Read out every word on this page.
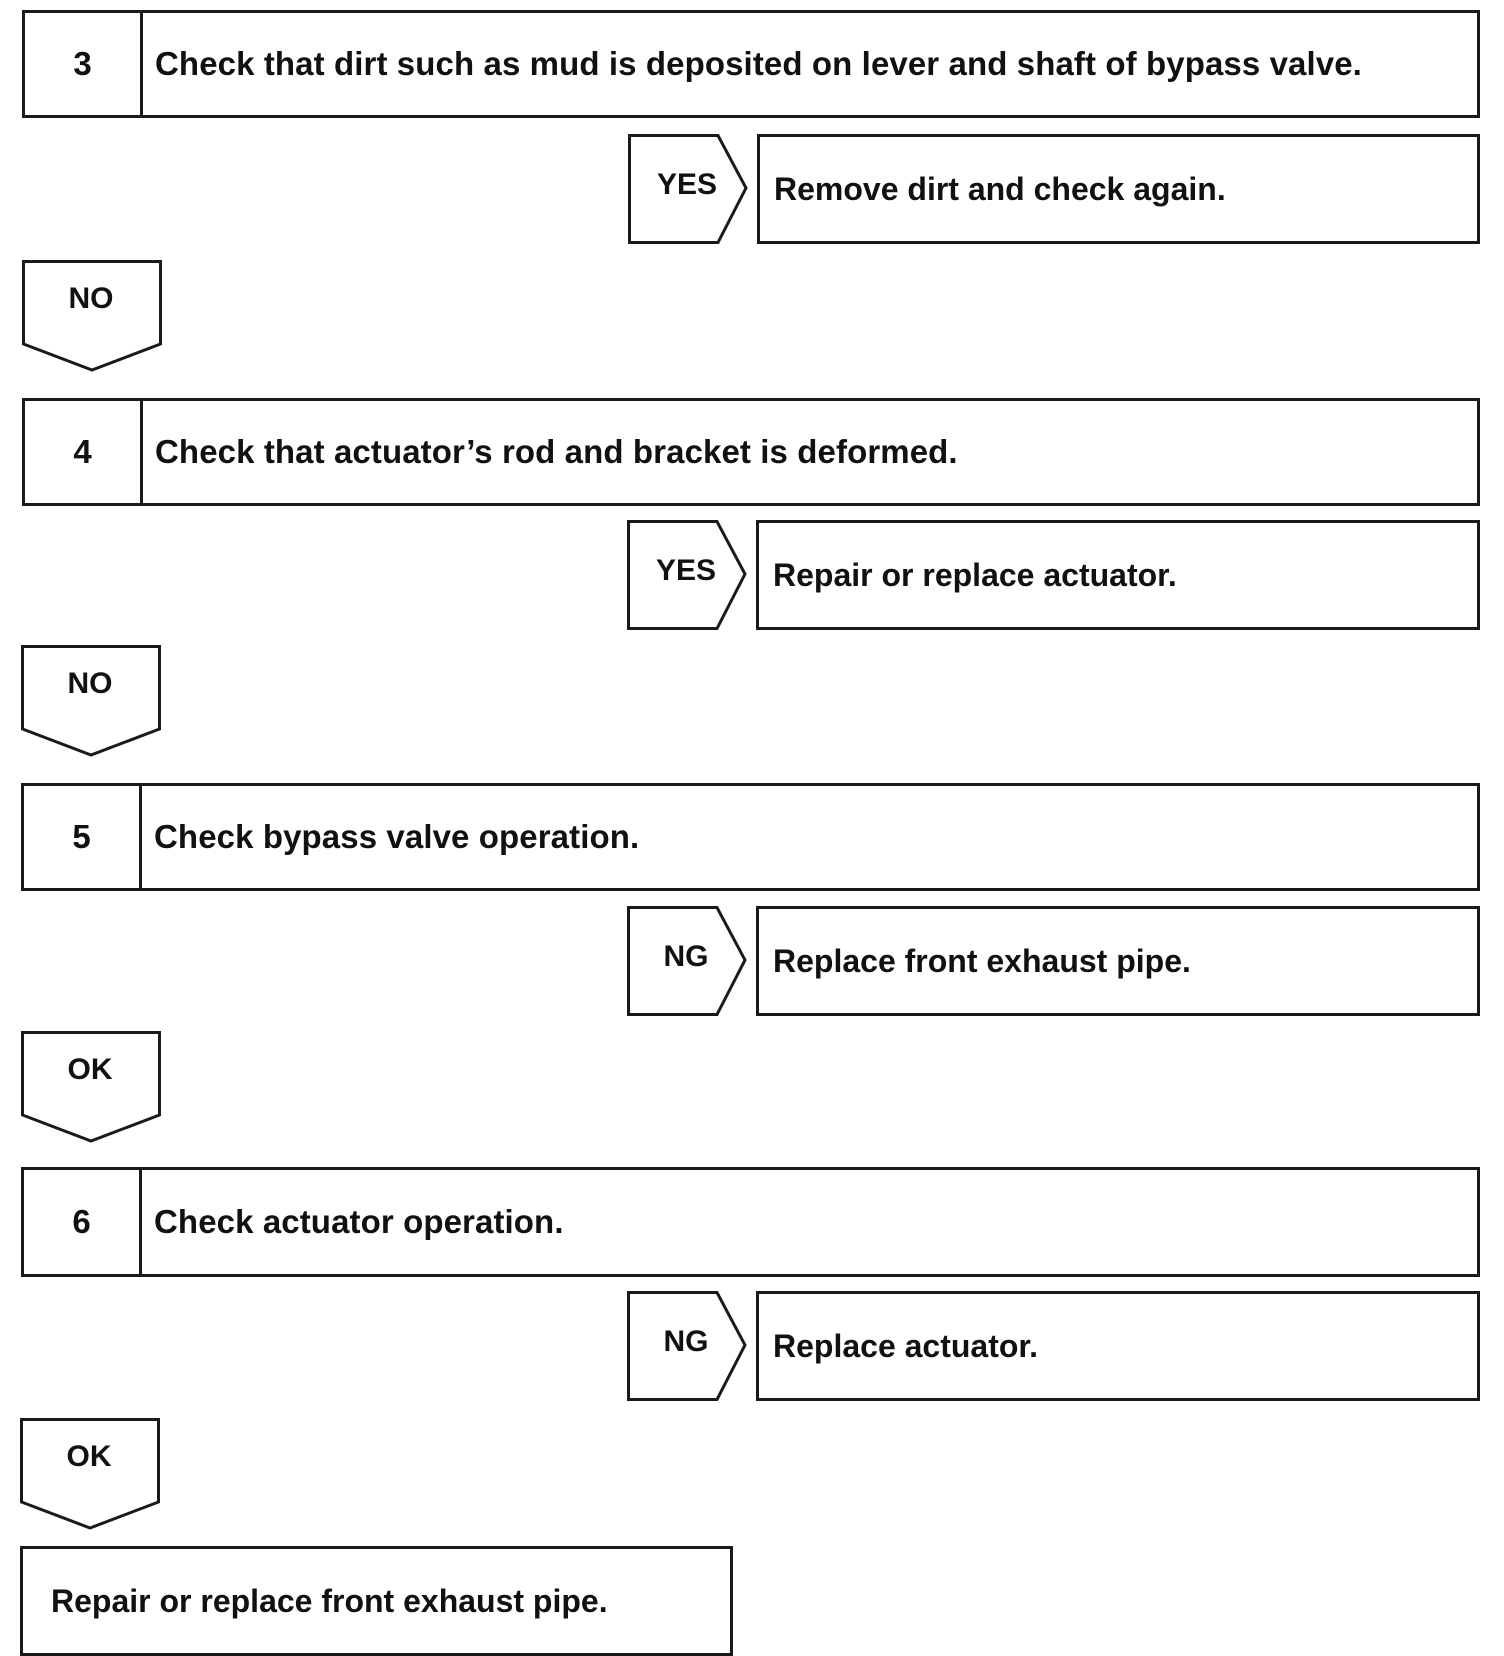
3	Check that dirt such as mud is deposited on lever and shaft of bypass valve.
YES	Remove dirt and check again.
NO
4	Check that actuator’s rod and bracket is deformed.
YES	Repair or replace actuator.
NO
5	Check bypass valve operation.
NG	Replace front exhaust pipe.
OK
6	Check actuator operation.
NG	Replace actuator.
OK
Repair or replace front exhaust pipe.
